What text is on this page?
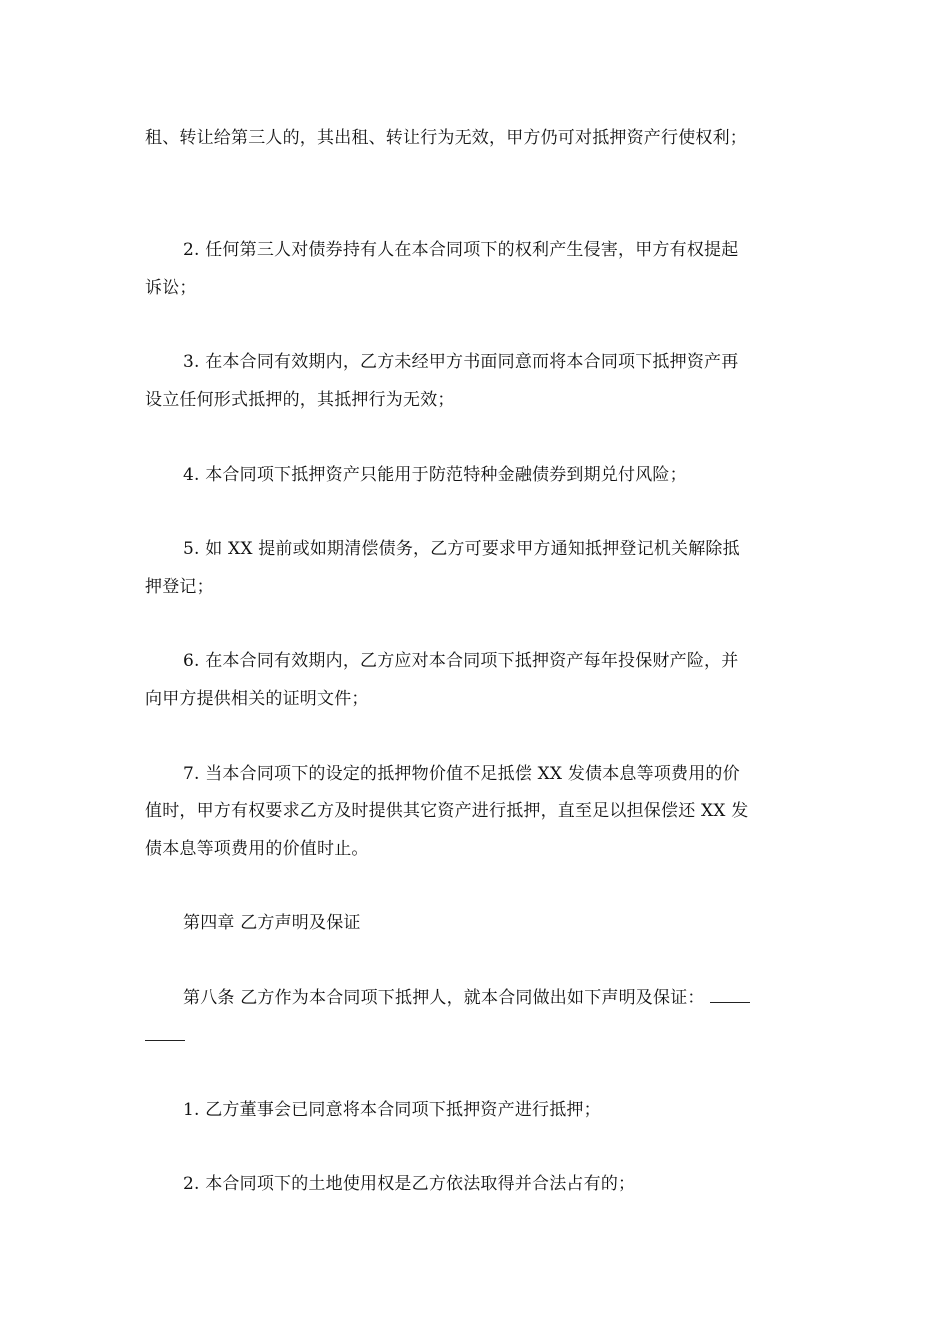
租、转让给第三人的，其出租、转让行为无效，甲方仍可对抵押资产行使权利；
2. 任何第三人对债券持有人在本合同项下的权利产生侵害，甲方有权提起
诉讼；
3. 在本合同有效期内，乙方未经甲方书面同意而将本合同项下抵押资产再
设立任何形式抵押的，其抵押行为无效；
4. 本合同项下抵押资产只能用于防范特种金融债券到期兑付风险；
5. 如 XX 提前或如期清偿债务，乙方可要求甲方通知抵押登记机关解除抵
押登记；
6. 在本合同有效期内，乙方应对本合同项下抵押资产每年投保财产险，并
向甲方提供相关的证明文件；
7. 当本合同项下的设定的抵押物价值不足抵偿 XX 发债本息等项费用的价
值时，甲方有权要求乙方及时提供其它资产进行抵押，直至足以担保偿还 XX 发
债本息等项费用的价值时止。
第四章 乙方声明及保证
第八条 乙方作为本合同项下抵押人，就本合同做出如下声明及保证：
1. 乙方董事会已同意将本合同项下抵押资产进行抵押；
2. 本合同项下的土地使用权是乙方依法取得并合法占有的；
